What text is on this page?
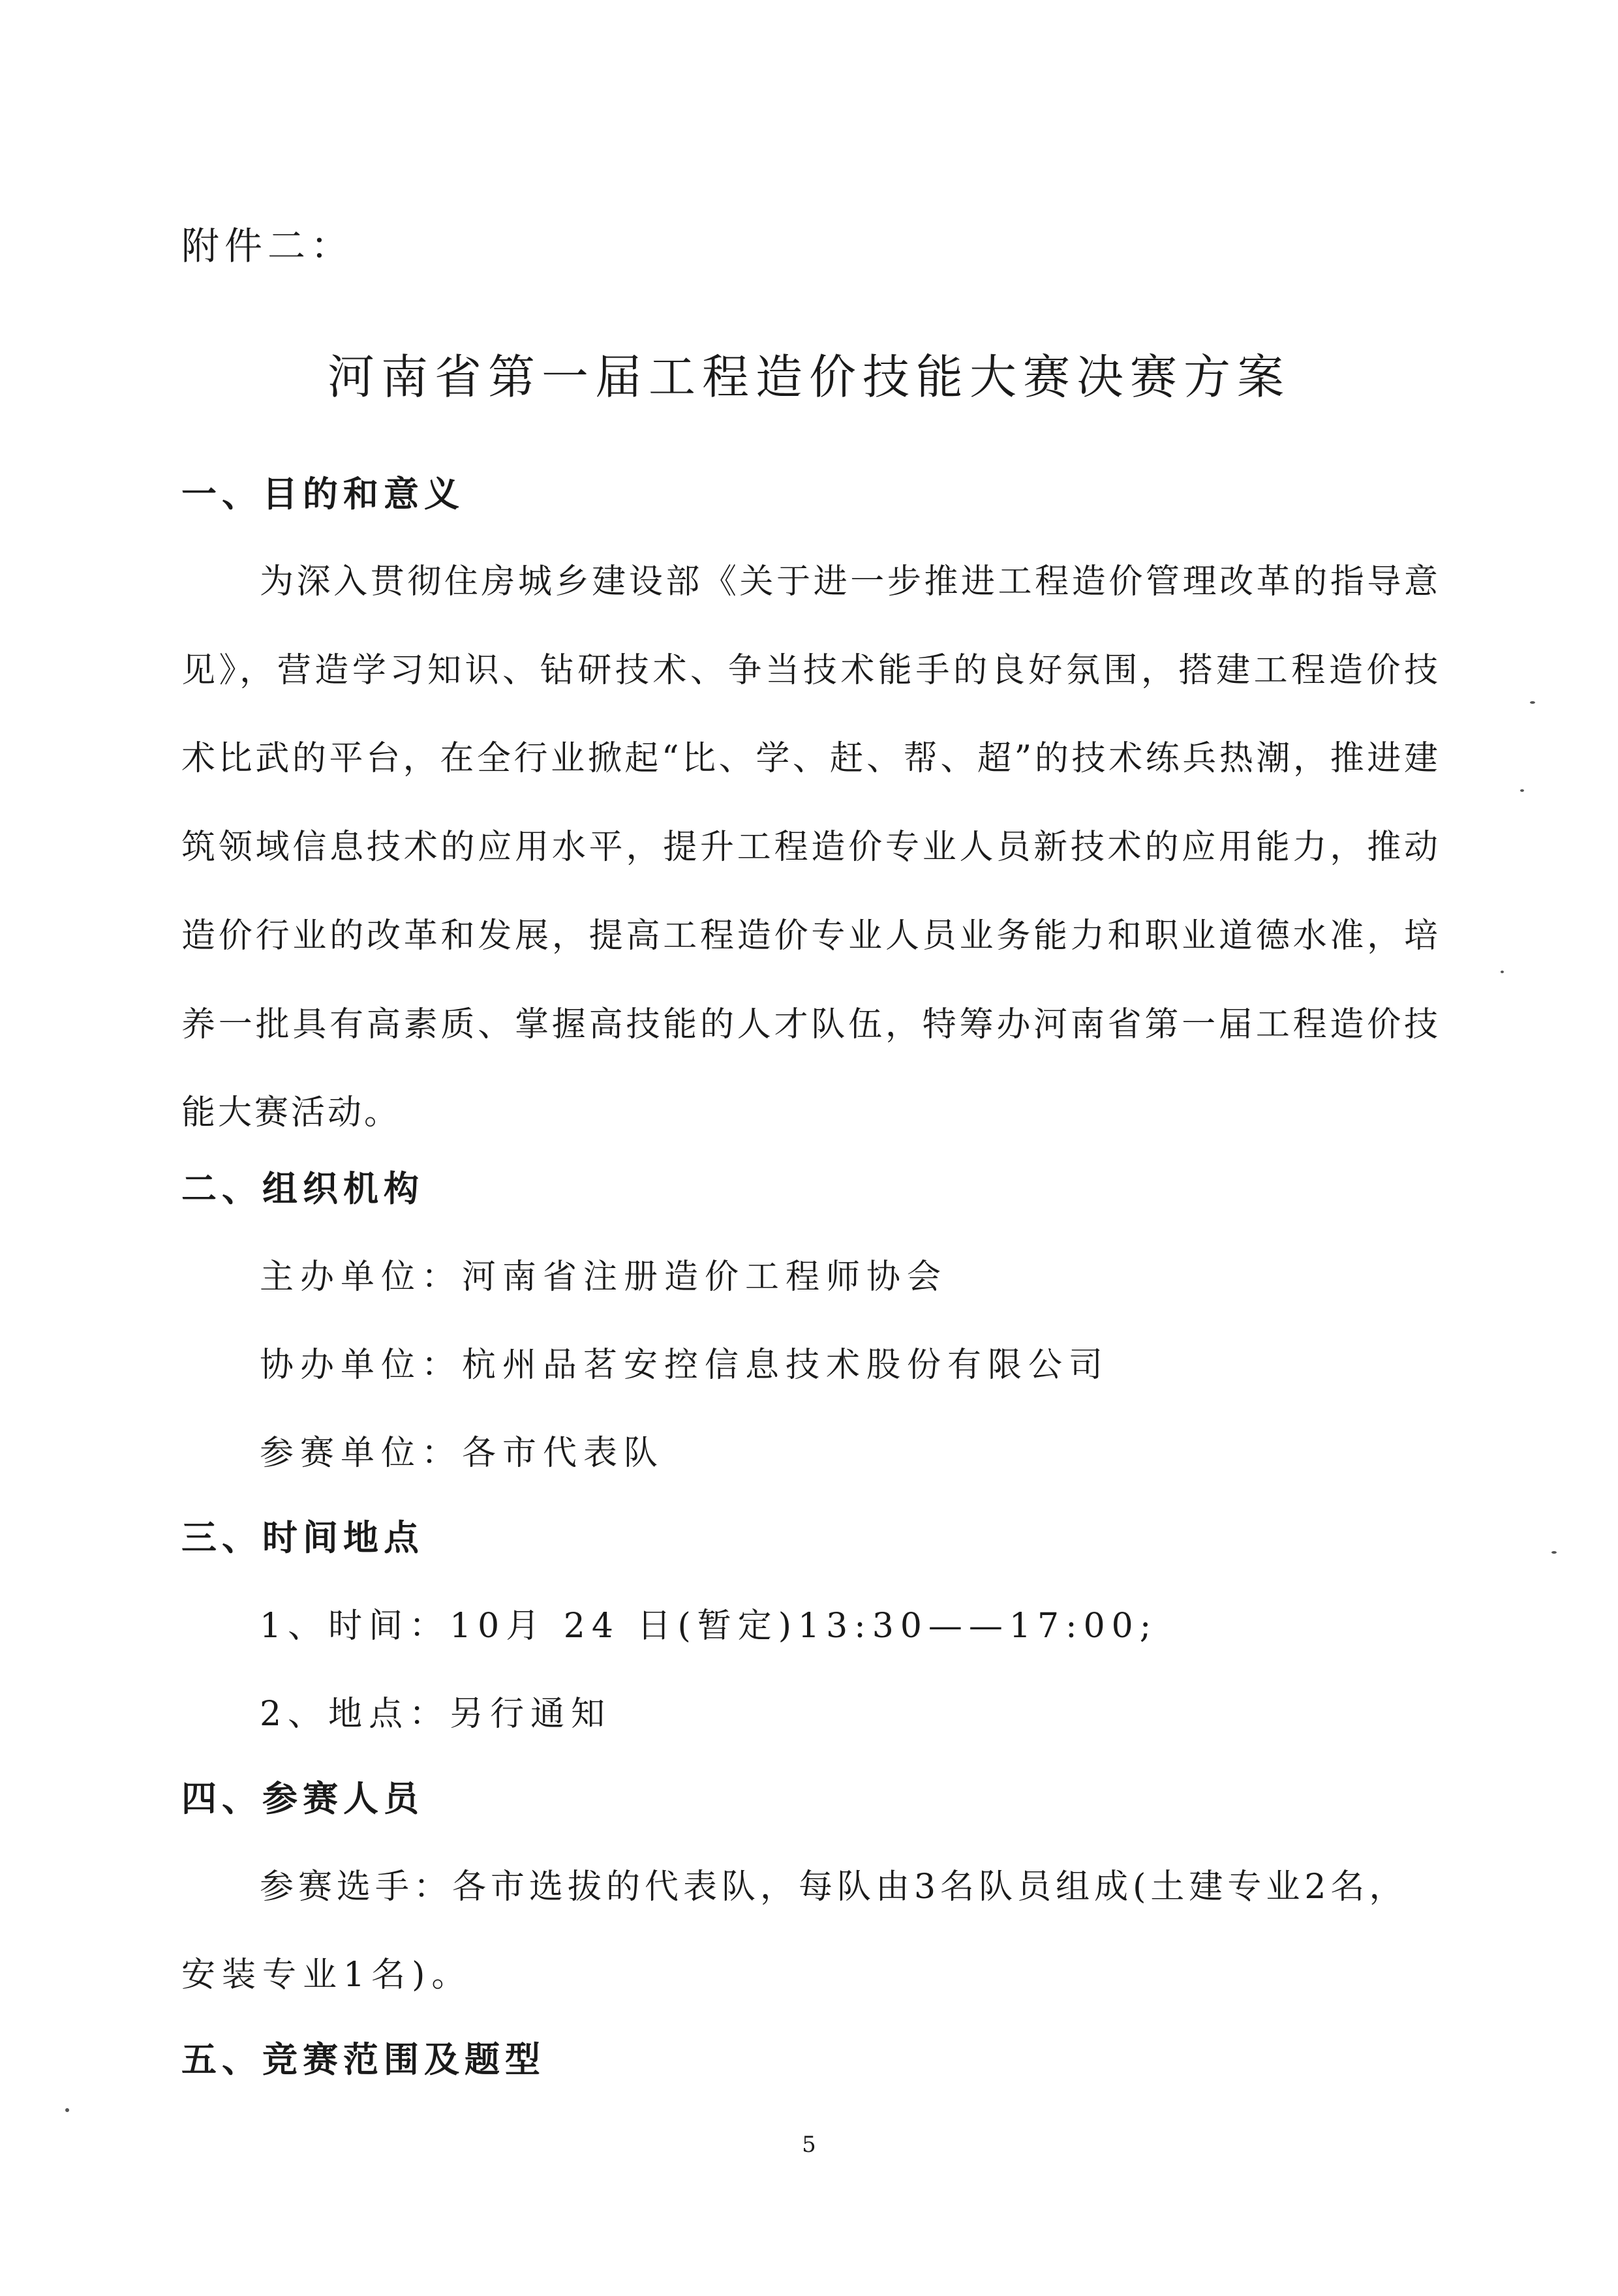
附件二：
河南省第一届工程造价技能大赛决赛方案
一、目的和意义
为深入贯彻住房城乡建设部《关于进一步推进工程造价管理改革的指导意见》，营造学习知识、钻研技术、争当技术能手的良好氛围，搭建工程造价技术比武的平台，在全行业掀起“比、学、赶、帮、超”的技术练兵热潮，推进建筑领域信息技术的应用水平，提升工程造价专业人员新技术的应用能力，推动造价行业的改革和发展，提高工程造价专业人员业务能力和职业道德水准，培养一批具有高素质、掌握高技能的人才队伍，特筹办河南省第一届工程造价技能大赛活动。
二、组织机构
主办单位：河南省注册造价工程师协会
协办单位：杭州品茗安控信息技术股份有限公司
参赛单位：各市代表队
三、时间地点
1、时间：10月 24 日(暂定)13:30——17:00;
2、地点：另行通知
四、参赛人员
参赛选手：各市选拔的代表队，每队由3名队员组成(土建专业2名，
安装专业1名)。
五、竞赛范围及题型
5
